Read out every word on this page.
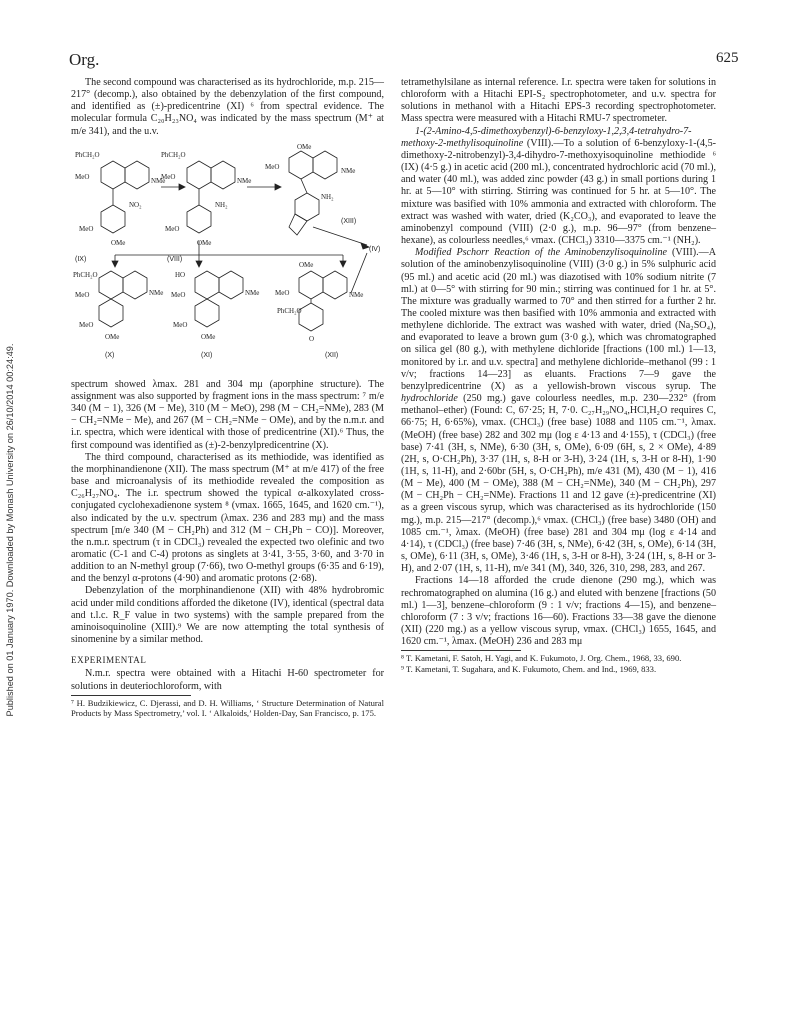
Org.	625
Published on 01 January 1970. Downloaded by Monash University on 26/10/2014 00:24:49.

The second compound was characterised as its hydrochloride, m.p. 215—217° (decomp.), also obtained by the debenzylation of the first compound, and identified as (±)-predicentrine (XI) ⁶ from spectral evidence. The molecular formula C₂₀H₂₃NO₄ was indicated by the mass spectrum (M⁺ at m/e 341), and the u.v.

PhCH₂O
MeO	NMe
NO₂
MeO
OMe
(IX)
PhCH₂O
MeO	NMe
NH₂
MeO
OMe
(VIII)
OMe
MeO	NMe
NH₂
(XIII)
(IV)
PhCH₂O
MeO	NMe
MeO
OMe
(X)
HO
MeO	NMe
MeO
OMe
(XI)
OMe
MeO	NMe
PhCH₂O
O
(XII)

spectrum showed λmax. 281 and 304 mμ (aporphine structure). The assignment was also supported by fragment ions in the mass spectrum: ⁷ m/e 340 (M − 1), 326 (M − Me), 310 (M − MeO), 298 (M − CH₂=NMe), 283 (M − CH₂=NMe − Me), and 267 (M − CH₂=NMe − OMe), and by the n.m.r. and i.r. spectra, which were identical with those of predicentrine (XI).⁶ Thus, the first compound was identified as (±)-2-benzylpredicentrine (X).

The third compound, characterised as its methiodide, was identified as the morphinandienone (XII). The mass spectrum (M⁺ at m/e 417) of the free base and microanalysis of its methiodide revealed the composition as C₂₆H₂₇NO₄. The i.r. spectrum showed the typical α-alkoxylated cross-conjugated cyclohexadienone system ⁸ (νmax. 1665, 1645, and 1620 cm.⁻¹), also indicated by the u.v. spectrum (λmax. 236 and 283 mμ) and the mass spectrum [m/e 340 (M − CH₂Ph) and 312 (M − CH₂Ph − CO)]. Moreover, the n.m.r. spectrum (τ in CDCl₃) revealed the expected two olefinic and two aromatic (C-1 and C-4) protons as singlets at 3·41, 3·55, 3·60, and 3·70 in addition to an N-methyl group (7·66), two O-methyl groups (6·35 and 6·19), and the benzyl α-protons (4·90) and aromatic protons (2·68).

Debenzylation of the morphinandienone (XII) with 48% hydrobromic acid under mild conditions afforded the diketone (IV), identical (spectral data and t.l.c. R_F value in two systems) with the sample prepared from the aminoisoquinoline (XIII).⁹ We are now attempting the total synthesis of sinomenine by a similar method.

EXPERIMENTAL

N.m.r. spectra were obtained with a Hitachi H-60 spectrometer for solutions in deuteriochloroform, with

⁷ H. Budzikiewicz, C. Djerassi, and D. H. Williams, ‘ Structure Determination of Natural Products by Mass Spectrometry,’ vol. I. ‘ Alkaloids,’ Holden-Day, San Francisco, p. 175.

tetramethylsilane as internal reference. I.r. spectra were taken for solutions in chloroform with a Hitachi EPI-S₂ spectrophotometer, and u.v. spectra for solutions in methanol with a Hitachi EPS-3 recording spectrophotometer. Mass spectra were measured with a Hitachi RMU-7 spectrometer.

1-(2-Amino-4,5-dimethoxybenzyl)-6-benzyloxy-1,2,3,4-tetrahydro-7-methoxy-2-methylisoquinoline (VIII).—To a solution of 6-benzyloxy-1-(4,5-dimethoxy-2-nitrobenzyl)-3,4-dihydro-7-methoxyisoquinoline methiodide ⁶ (IX) (4·5 g.) in acetic acid (200 ml.), concentrated hydrochloric acid (70 ml.), and water (40 ml.), was added zinc powder (43 g.) in small portions during 1 hr. at 5—10° with stirring. Stirring was continued for 5 hr. at 5—10°. The mixture was basified with 10% ammonia and extracted with chloroform. The extract was washed with water, dried (K₂CO₃), and evaporated to leave the aminobenzyl compound (VIII) (2·0 g.), m.p. 96—97° (from benzene–hexane), as colourless needles,⁶ νmax. (CHCl₃) 3310—3375 cm.⁻¹ (NH₂).

Modified Pschorr Reaction of the Aminobenzylisoquinoline (VIII).—A solution of the aminobenzylisoquinoline (VIII) (3·0 g.) in 5% sulphuric acid (95 ml.) and acetic acid (20 ml.) was diazotised with 10% sodium nitrite (7 ml.) at 0—5° with stirring for 90 min.; stirring was continued for 1 hr. at 5°. The mixture was gradually warmed to 70° and then stirred for a further 2 hr. The cooled mixture was then basified with 10% ammonia and extracted with methylene dichloride. The extract was washed with water, dried (Na₂SO₄), and evaporated to leave a brown gum (3·0 g.), which was chromatographed on silica gel (80 g.), with methylene dichloride [fractions (100 ml.) 1—13, monitored by i.r. and u.v. spectra] and methylene dichloride–methanol (99 : 1 v/v; fractions 14—23] as eluants. Fractions 7—9 gave the benzylpredicentrine (X) as a yellowish-brown viscous syrup. The hydrochloride (250 mg.) gave colourless needles, m.p. 230—232° (from methanol–ether) (Found: C, 67·25; H, 7·0. C₂₇H₂₉NO₄,HCl,H₂O requires C, 66·75; H, 6·65%), νmax. (CHCl₃) (free base) 1088 and 1105 cm.⁻¹, λmax. (MeOH) (free base) 282 and 302 mμ (log ε 4·13 and 4·155), τ (CDCl₃) (free base) 7·41 (3H, s, NMe), 6·30 (3H, s, OMe), 6·09 (6H, s, 2 × OMe), 4·89 (2H, s, O·CH₂Ph), 3·37 (1H, s, 8-H or 3-H), 3·24 (1H, s, 3-H or 8-H), 1·90 (1H, s, 11-H), and 2·60br (5H, s, O·CH₂Ph), m/e 431 (M), 430 (M − 1), 416 (M − Me), 400 (M − OMe), 388 (M − CH₂=NMe), 340 (M − CH₂Ph), 297 (M − CH₂Ph − CH₂=NMe). Fractions 11 and 12 gave (±)-predicentrine (XI) as a green viscous syrup, which was characterised as its hydrochloride (150 mg.), m.p. 215—217° (decomp.),⁶ νmax. (CHCl₃) (free base) 3480 (OH) and 1085 cm.⁻¹, λmax. (MeOH) (free base) 281 and 304 mμ (log ε 4·14 and 4·14), τ (CDCl₃) (free base) 7·46 (3H, s, NMe), 6·42 (3H, s, OMe), 6·14 (3H, s, OMe), 6·11 (3H, s, OMe), 3·46 (1H, s, 3-H or 8-H), 3·24 (1H, s, 8-H or 3-H), and 2·07 (1H, s, 11-H), m/e 341 (M), 340, 326, 310, 298, 283, and 267.

Fractions 14—18 afforded the crude dienone (290 mg.), which was rechromatographed on alumina (16 g.) and eluted with benzene [fractions (50 ml.) 1—3], benzene–chloroform (9 : 1 v/v; fractions 4—15), and benzene–chloroform (7 : 3 v/v; fractions 16—60). Fractions 33—38 gave the dienone (XII) (220 mg.) as a yellow viscous syrup, νmax. (CHCl₃) 1655, 1645, and 1620 cm.⁻¹, λmax. (MeOH) 236 and 283 mμ

⁸ T. Kametani, F. Satoh, H. Yagi, and K. Fukumoto, J. Org. Chem., 1968, 33, 690.
⁹ T. Kametani, T. Sugahara, and K. Fukumoto, Chem. and Ind., 1969, 833.
